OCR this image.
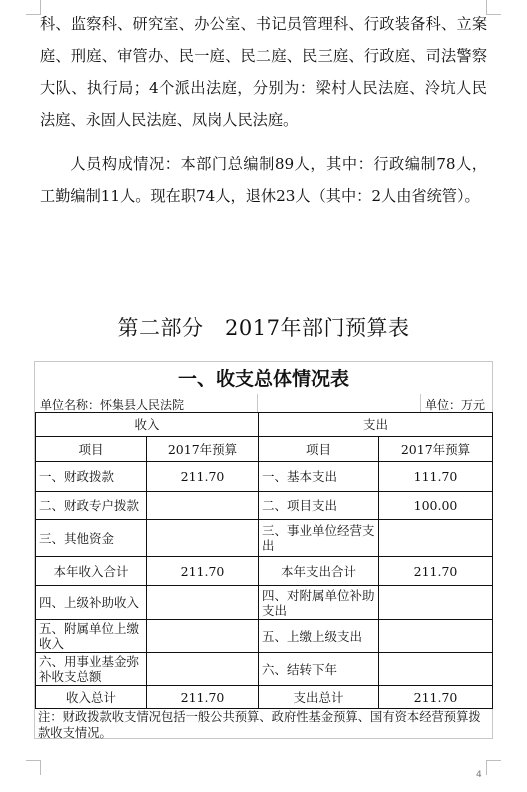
科、监察科、研究室、办公室、书记员管理科、行政装备科、立案庭、刑庭、审管办、民一庭、民二庭、民三庭、行政庭、司法警察大队、执行局；4个派出法庭，分别为：梁村人民法庭、泠坑人民法庭、永固人民法庭、凤岗人民法庭。

人员构成情况：本部门总编制89人，其中：行政编制78人，工勤编制11人。现在职74人，退休23人（其中：2人由省统管）。

第二部分　2017年部门预算表
一、收支总体情况表
单位名称：怀集县人民法院	单位：万元
收入		支出	
项目	2017年预算	项目	2017年预算
一、财政拨款	211.70	一、基本支出	111.70
二、财政专户拨款		二、项目支出	100.00
三、其他资金		三、事业单位经营支出	
本年收入合计	211.70	本年支出合计	211.70
四、上级补助收入		四、对附属单位补助支出	
五、附属单位上缴收入		五、上缴上级支出	
六、用事业基金弥补收支总额		六、结转下年	
收入总计	211.70	支出总计	211.70
注：财政拨款收支情况包括一般公共预算、政府性基金预算、国有资本经营预算拨款收支情况。
4
